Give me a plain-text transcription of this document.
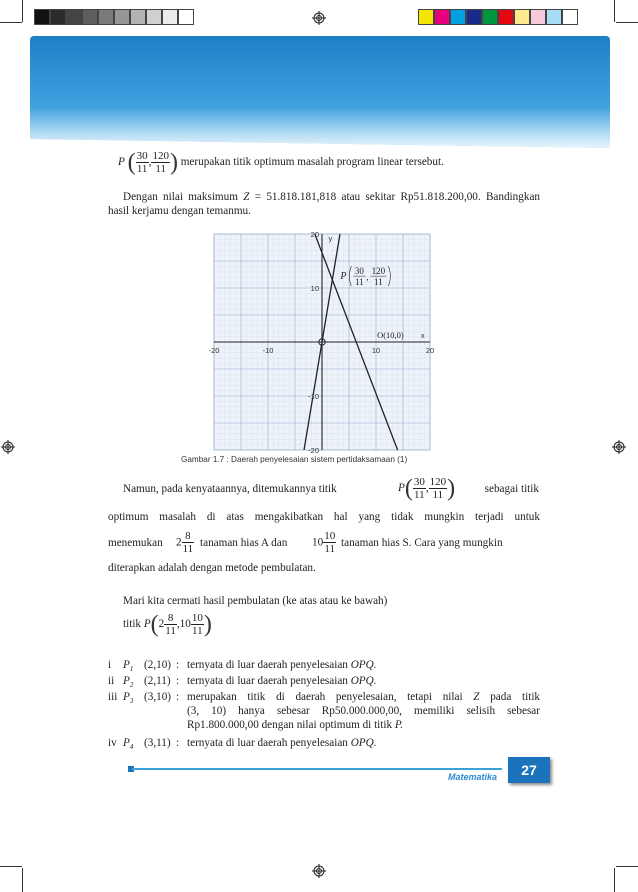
P ( $\frac{30}{11}$ , $\frac{120}{11}$ ) merupakan titik optimum masalah program linear tersebut.
Dengan nilai maksimum Z = 51.818.181,818 atau sekitar Rp51.818.200,00. Bandingkan hasil kerjamu dengan temanmu.
-20	-10	10	20
20
10
-10
-20
x
y
P 30
11 ,
120
11
O(10,0)
Gambar 1.7 : Daerah penyelesaian sistem pertidaksamaan (1)
Namun, pada kenyataannya, ditemukannya titik	$P( \frac{30}{11}$ , $\frac{120}{11}$ )	sebagai titik
optimum masalah di atas mengakibatkan hal yang tidak mungkin terjadi untuk
menemukan $2 \frac{8}{11}$ tanaman hias A dan $10 \frac{10}{11}$ tanaman hias S. Cara yang mungkin
diterapkan adalah dengan metode pembulatan.
Mari kita cermati hasil pembulatan (ke atas atau ke bawah)
titik $P(2 \frac{8}{11} ,10 \frac{10}{11}$ )
i $P_1$ (2,10) : ternyata di luar daerah penyelesaian OPQ.
ii $P_2$ (2,11) : ternyata di luar daerah penyelesaian OPQ.
iii $P_3$ (3,10) : merupakan titik di daerah penyelesaian, tetapi nilai Z pada titik
(3, 10) hanya sebesar Rp50.000.000,00, memiliki selisih sebesar
Rp1.800.000,00 dengan nilai optimum di titik P.
iv $P_4$ (3,11) : ternyata di luar daerah penyelesaian OPQ.
Matematika	27
